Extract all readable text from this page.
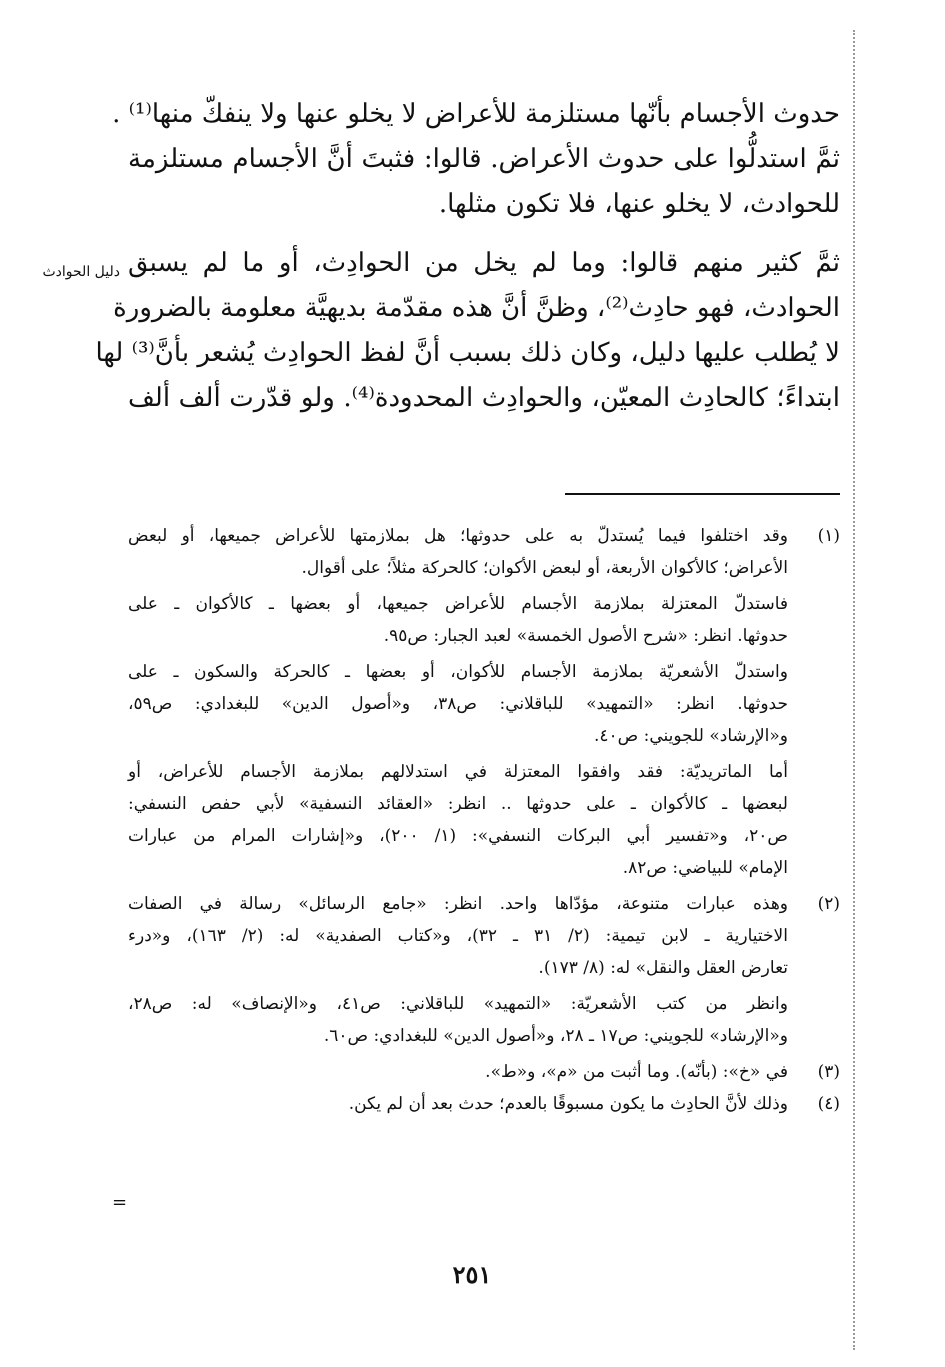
حدوث الأجسام بأنّها مستلزمة للأعراض لا يخلو عنها ولا ينفكّ منها⁽¹⁾ .
ثمَّ استدلُّوا على حدوث الأعراض. قالوا: فثبتَ أنَّ الأجسام مستلزمة
للحوادث، لا يخلو عنها، فلا تكون مثلها.
ثمَّ كثير منهم قالوا: وما لم يخل من الحوادِث، أو ما لم يسبق
الحوادث، فهو حادِث⁽²⁾، وظنَّ أنَّ هذه مقدّمة بديهيَّة معلومة بالضرورة
لا يُطلب عليها دليل، وكان ذلك بسبب أنَّ لفظ الحوادِث يُشعر بأنَّ⁽³⁾ لها
ابتداءً؛ كالحادِث المعيّن، والحوادِث المحدودة⁽⁴⁾. ولو قدّرت ألف ألف
دليل الحوادث
(١)
وقد اختلفوا فيما يُستدلّ به على حدوثها؛ هل بملازمتها للأعراض جميعها، أو لبعض
الأعراض؛ كالأكوان الأربعة، أو لبعض الأكوان؛ كالحركة مثلاً؛ على أقوال.
فاستدلّ المعتزلة بملازمة الأجسام للأعراض جميعها، أو بعضها ـ كالأكوان ـ على
حدوثها. انظر: «شرح الأصول الخمسة» لعبد الجبار: ص٩٥.
واستدلّ الأشعريّة بملازمة الأجسام للأكوان، أو بعضها ـ كالحركة والسكون ـ على
حدوثها. انظر: «التمهيد» للباقلاني: ص٣٨، و«أصول الدين» للبغدادي: ص٥٩،
و«الإرشاد» للجويني: ص٤٠.
أما الماتريديّة: فقد وافقوا المعتزلة في استدلالهم بملازمة الأجسام للأعراض، أو
لبعضها ـ كالأكوان ـ على حدوثها .. انظر: «العقائد النسفية» لأبي حفص النسفي:
ص٢٠، و«تفسير أبي البركات النسفي»: (١/ ٢٠٠)، و«إشارات المرام من عبارات
الإمام» للبياضي: ص٨٢.
(٢)
وهذه عبارات متنوعة، مؤدّاها واحد. انظر: «جامع الرسائل» رسالة في الصفات
الاختيارية ـ لابن تيمية: (٢/ ٣١ ـ ٣٢)، و«كتاب الصفدية» له: (٢/ ١٦٣)، و«درء
تعارض العقل والنقل» له: (٨/ ١٧٣).
وانظر من كتب الأشعريّة: «التمهيد» للباقلاني: ص٤١، و«الإنصاف» له: ص٢٨،
و«الإرشاد» للجويني: ص١٧ ـ ٢٨، و«أصول الدين» للبغدادي: ص٦٠.
(٣)
في «خ»: (بأنّه). وما أثبت من «م»، و«ط».
(٤)
وذلك لأنَّ الحادِث ما يكون مسبوقًا بالعدم؛ حدث بعد أن لم يكن.
=
٢٥١
